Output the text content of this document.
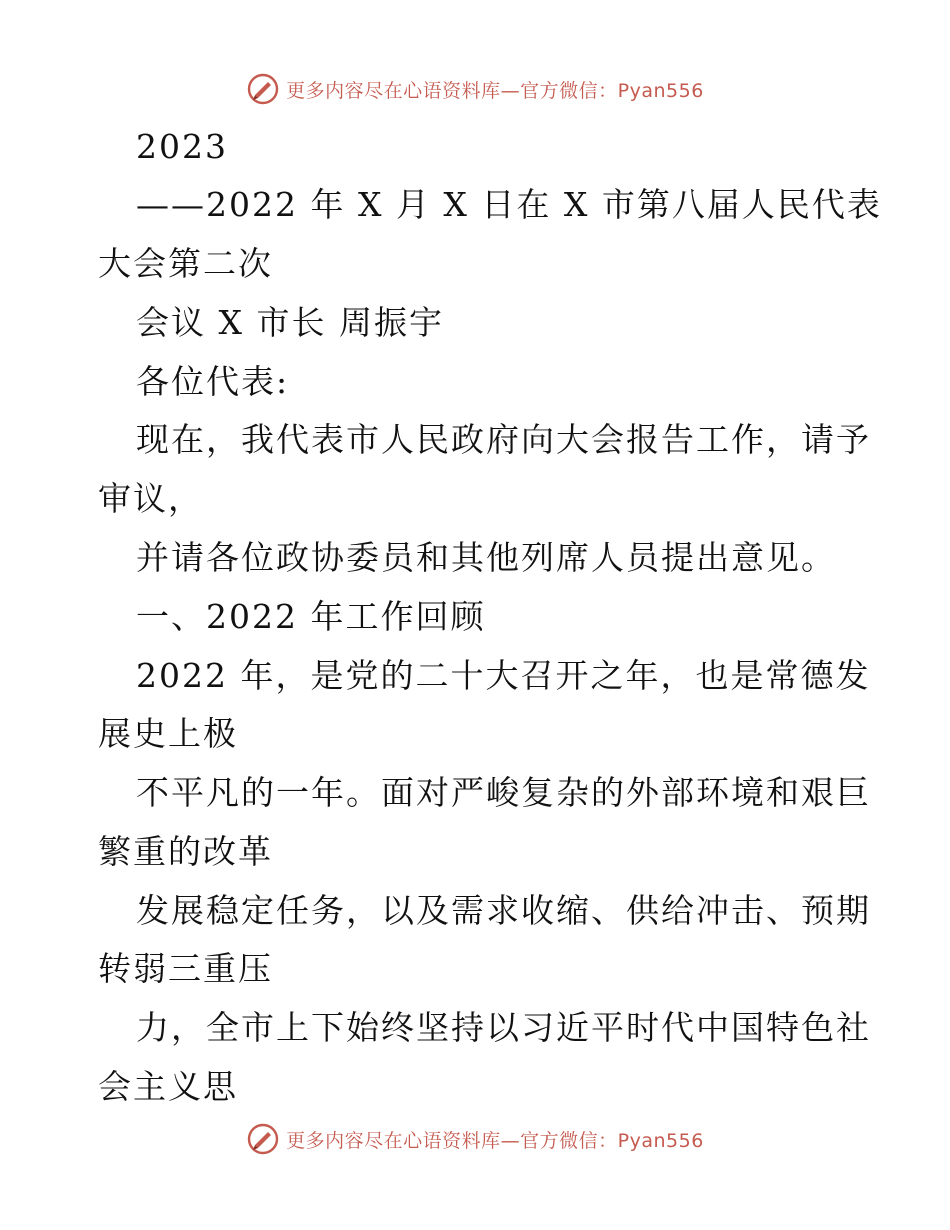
更多内容尽在心语资料库—官方微信：Pyan556
2023
——2022 年 X 月 X 日在 X 市第八届人民代表
大会第二次
会议 X 市长 周振宇
各位代表:
现在，我代表市人民政府向大会报告工作，请予
审议，
并请各位政协委员和其他列席人员提出意见。
一、2022 年工作回顾
2022 年，是党的二十大召开之年，也是常德发
展史上极
不平凡的一年。面对严峻复杂的外部环境和艰巨
繁重的改革
发展稳定任务，以及需求收缩、供给冲击、预期
转弱三重压
力，全市上下始终坚持以习近平时代中国特色社
会主义思
更多内容尽在心语资料库—官方微信：Pyan556
